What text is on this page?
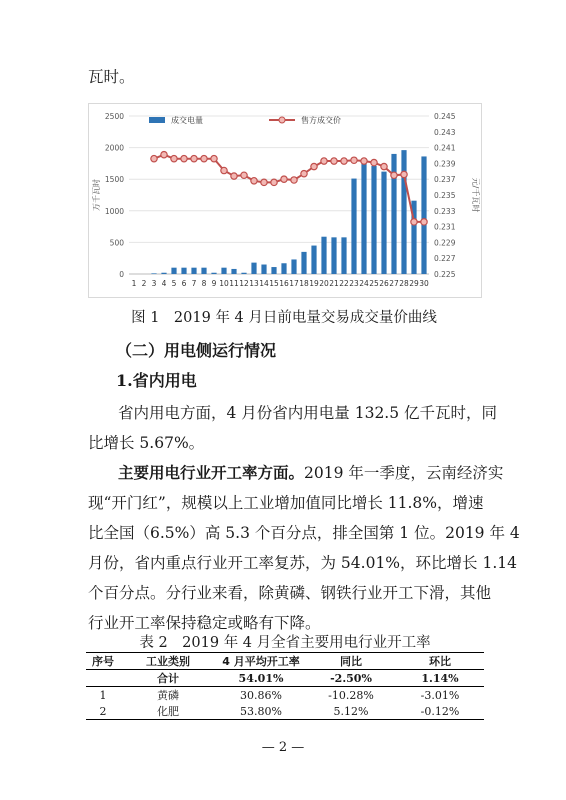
瓦时。
0
500
1000
1500
2000
2500
0.225
0.227
0.229
0.231
0.233
0.235
0.237
0.239
0.241
0.243
0.245
万千瓦时	元/千瓦时
1 2 3 4 5 6 7 8 9 10 11 12 13 14 15 16 17 18 19 20 21 22 23 24 25 26 27 28 29 30
成交电量	售方成交价
图 1　2019 年 4 月日前电量交易成交量价曲线
（二）用电侧运行情况
1.省内用电
省内用电方面，4 月份省内用电量 132.5 亿千瓦时，同
比增长 5.67%。
主要用电行业开工率方面。2019 年一季度，云南经济实
现“开门红”，规模以上工业增加值同比增长 11.8%，增速
比全国（6.5%）高 5.3 个百分点，排全国第 1 位。2019 年 4
月份，省内重点行业开工率复苏，为 54.01%，环比增长 1.14
个百分点。分行业来看，除黄磷、钢铁行业开工下滑，其他
行业开工率保持稳定或略有下降。
表 2　2019 年 4 月全省主要用电行业开工率
序号	工业类别	4 月平均开工率	同比	环比
	合计	54.01%	-2.50%	1.14%
1	黄磷	30.86%	-10.28%	-3.01%
2	化肥	53.80%	5.12%	-0.12%
— 2 —
